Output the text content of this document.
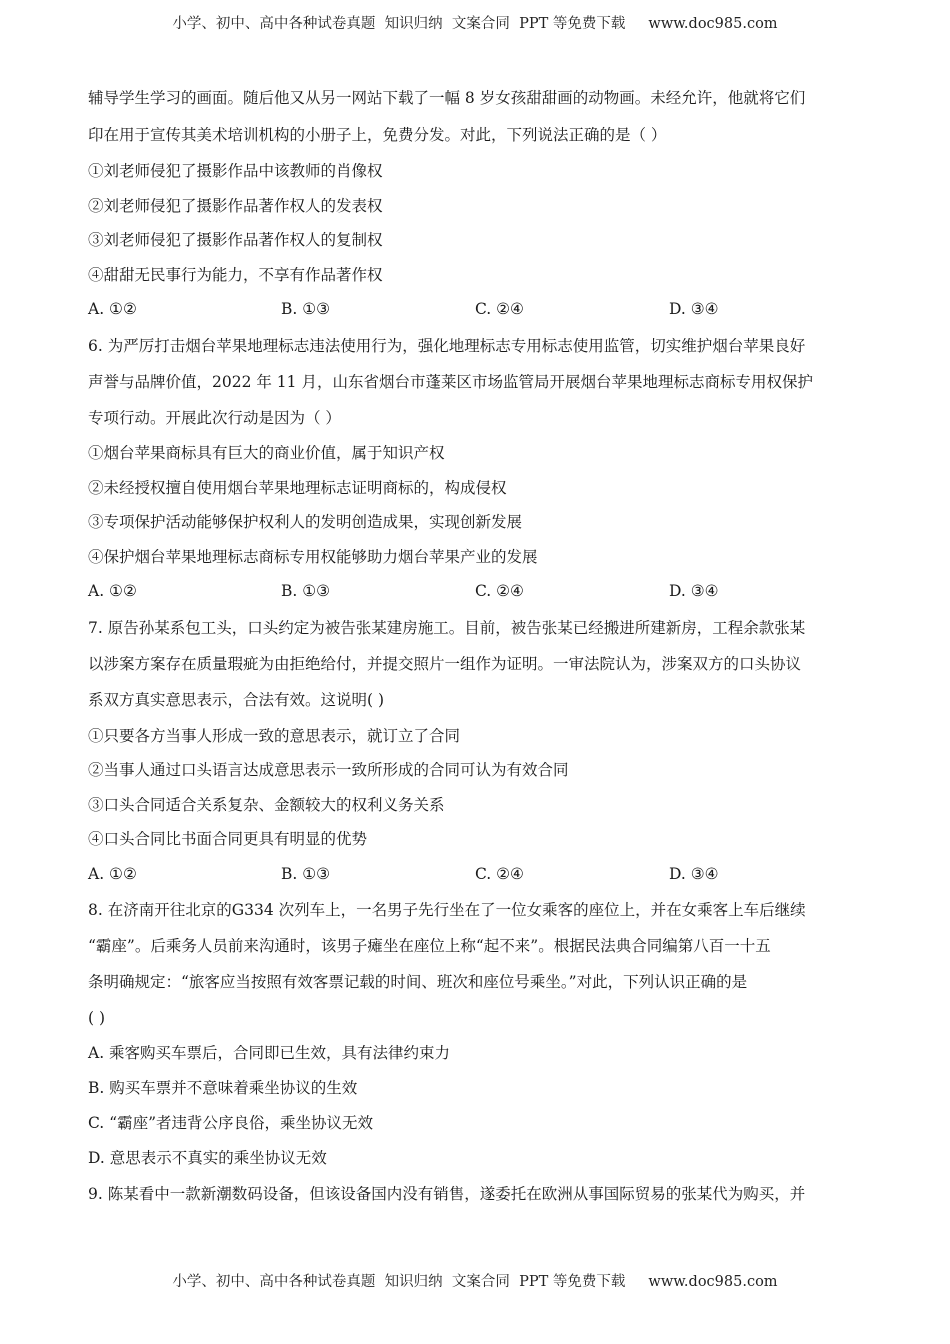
小学、初中、高中各种试卷真题  知识归纳  文案合同  PPT 等免费下载     www.doc985.com

辅导学生学习的画面。随后他又从另一网站下载了一幅 8 岁女孩甜甜画的动物画。未经允许，他就将它们

印在用于宣传其美术培训机构的小册子上，免费分发。对此，下列说法正确的是（ ）

①刘老师侵犯了摄影作品中该教师的肖像权

②刘老师侵犯了摄影作品著作权人的发表权

③刘老师侵犯了摄影作品著作权人的复制权

④甜甜无民事行为能力，不享有作品著作权

A. ①②	B. ①③	C. ②④	D. ③④

6. 为严厉打击烟台苹果地理标志违法使用行为，强化地理标志专用标志使用监管，切实维护烟台苹果良好

声誉与品牌价值，2022 年 11 月，山东省烟台市蓬莱区市场监管局开展烟台苹果地理标志商标专用权保护

专项行动。开展此次行动是因为（ ）

①烟台苹果商标具有巨大的商业价值，属于知识产权

②未经授权擅自使用烟台苹果地理标志证明商标的，构成侵权

③专项保护活动能够保护权利人的发明创造成果，实现创新发展

④保护烟台苹果地理标志商标专用权能够助力烟台苹果产业的发展

A. ①②	B. ①③	C. ②④	D. ③④

7. 原告孙某系包工头，口头约定为被告张某建房施工。目前，被告张某已经搬进所建新房，工程余款张某

以涉案方案存在质量瑕疵为由拒绝给付，并提交照片一组作为证明。一审法院认为，涉案双方的口头协议

系双方真实意思表示，合法有效。这说明( )

①只要各方当事人形成一致的意思表示，就订立了合同

②当事人通过口头语言达成意思表示一致所形成的合同可认为有效合同

③口头合同适合关系复杂、金额较大的权利义务关系

④口头合同比书面合同更具有明显的优势

A. ①②	B. ①③	C. ②④	D. ③④

8. 在济南开往北京的G334 次列车上，一名男子先行坐在了一位女乘客的座位上，并在女乘客上车后继续

“霸座”。后乘务人员前来沟通时，该男子瘫坐在座位上称“起不来”。根据民法典合同编第八百一十五

条明确规定：“旅客应当按照有效客票记载的时间、班次和座位号乘坐。”对此，下列认识正确的是

( )

A. 乘客购买车票后，合同即已生效，具有法律约束力

B. 购买车票并不意味着乘坐协议的生效

C. “霸座”者违背公序良俗，乘坐协议无效

D. 意思表示不真实的乘坐协议无效

9. 陈某看中一款新潮数码设备，但该设备国内没有销售，遂委托在欧洲从事国际贸易的张某代为购买，并

小学、初中、高中各种试卷真题  知识归纳  文案合同  PPT 等免费下载     www.doc985.com
